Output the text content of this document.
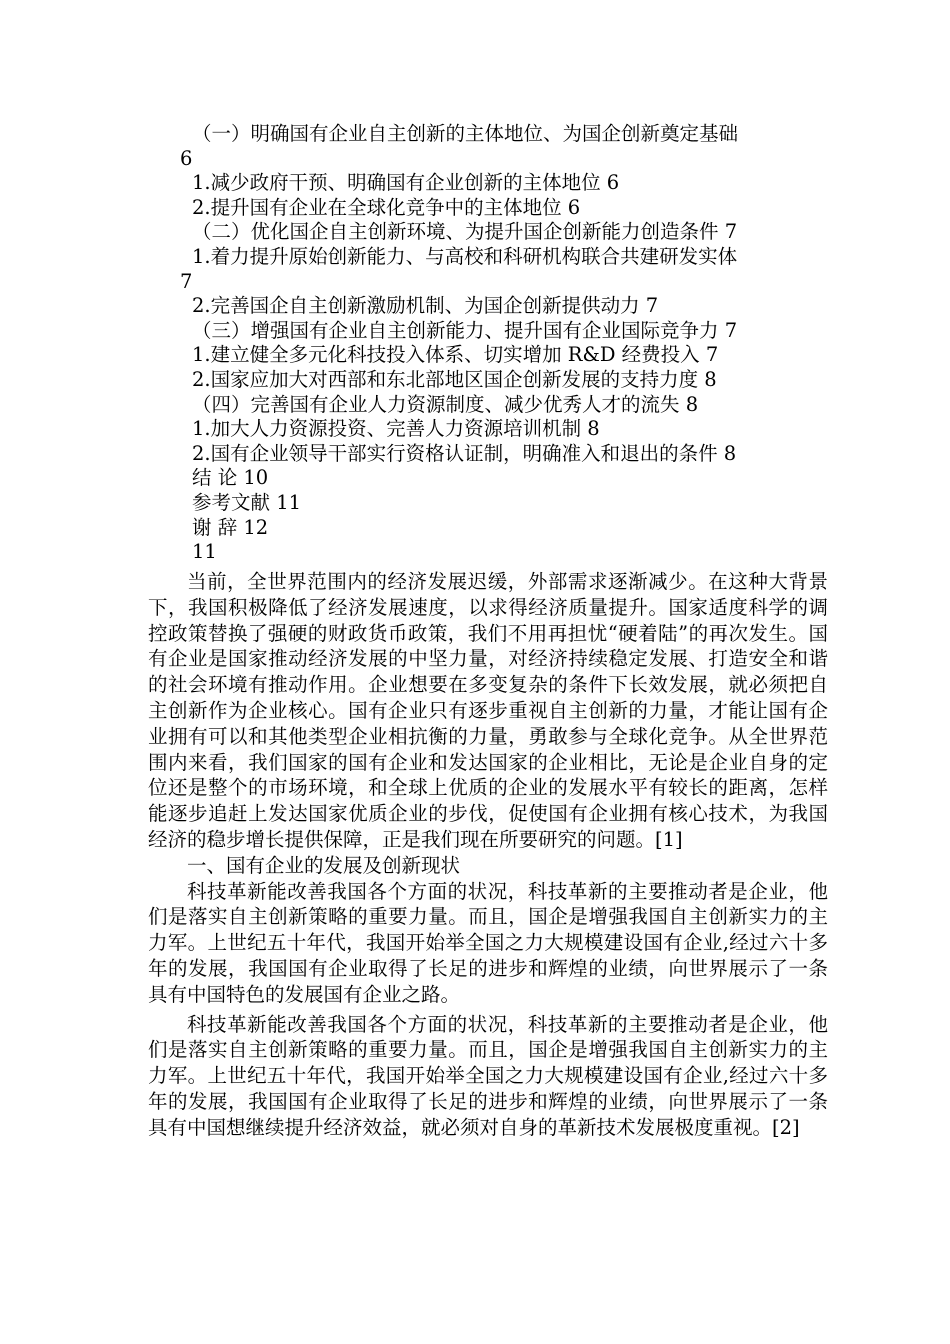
（一）明确国有企业自主创新的主体地位、为国企创新奠定基础
6
1.减少政府干预、明确国有企业创新的主体地位 6
2.提升国有企业在全球化竞争中的主体地位 6
（二）优化国企自主创新环境、为提升国企创新能力创造条件 7
1.着力提升原始创新能力、与高校和科研机构联合共建研发实体
7
2.完善国企自主创新激励机制、为国企创新提供动力 7
（三）增强国有企业自主创新能力、提升国有企业国际竞争力 7
1.建立健全多元化科技投入体系、切实增加 R&D 经费投入 7
2.国家应加大对西部和东北部地区国企创新发展的支持力度 8
（四）完善国有企业人力资源制度、减少优秀人才的流失 8
1.加大人力资源投资、完善人力资源培训机制 8
2.国有企业领导干部实行资格认证制，明确准入和退出的条件 8
结 论 10
参考文献 11
谢 辞 12
11

当前，全世界范围内的经济发展迟缓，外部需求逐渐减少。在这种大背景下，我国积极降低了经济发展速度，以求得经济质量提升。国家适度科学的调控政策替换了强硬的财政货币政策，我们不用再担忧“硬着陆”的再次发生。国有企业是国家推动经济发展的中坚力量，对经济持续稳定发展、打造安全和谐的社会环境有推动作用。企业想要在多变复杂的条件下长效发展，就必须把自主创新作为企业核心。国有企业只有逐步重视自主创新的力量，才能让国有企业拥有可以和其他类型企业相抗衡的力量，勇敢参与全球化竞争。从全世界范围内来看，我们国家的国有企业和发达国家的企业相比，无论是企业自身的定位还是整个的市场环境，和全球上优质的企业的发展水平有较长的距离，怎样能逐步追赶上发达国家优质企业的步伐，促使国有企业拥有核心技术，为我国经济的稳步增长提供保障，正是我们现在所要研究的问题。[1]

一、国有企业的发展及创新现状

科技革新能改善我国各个方面的状况，科技革新的主要推动者是企业，他们是落实自主创新策略的重要力量。而且，国企是增强我国自主创新实力的主力军。上世纪五十年代，我国开始举全国之力大规模建设国有企业,经过六十多年的发展，我国国有企业取得了长足的进步和辉煌的业绩，向世界展示了一条具有中国特色的发展国有企业之路。

科技革新能改善我国各个方面的状况，科技革新的主要推动者是企业，他们是落实自主创新策略的重要力量。而且，国企是增强我国自主创新实力的主力军。上世纪五十年代，我国开始举全国之力大规模建设国有企业,经过六十多年的发展，我国国有企业取得了长足的进步和辉煌的业绩，向世界展示了一条具有中国想继续提升经济效益，就必须对自身的革新技术发展极度重视。[2]
